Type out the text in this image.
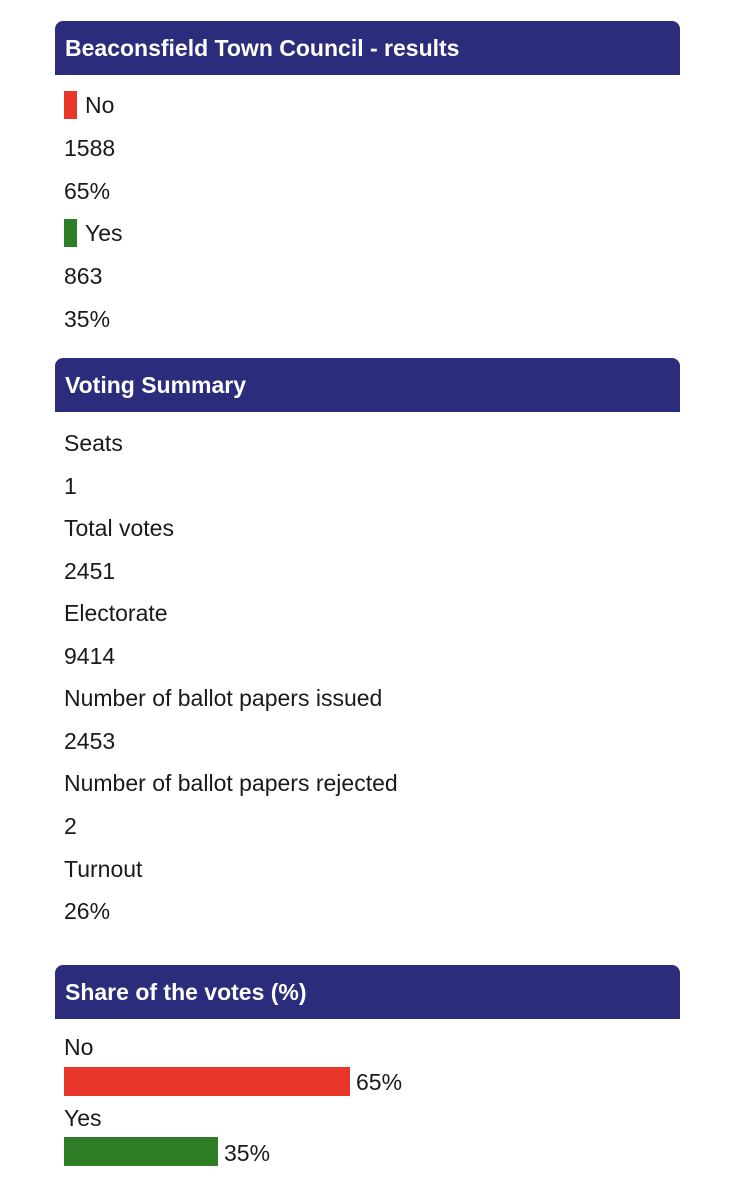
Beaconsfield Town Council - results
No
1588
65%
Yes
863
35%
Voting Summary
Seats
1
Total votes
2451
Electorate
9414
Number of ballot papers issued
2453
Number of ballot papers rejected
2
Turnout
26%
Share of the votes (%)
No
65%
Yes
35%
